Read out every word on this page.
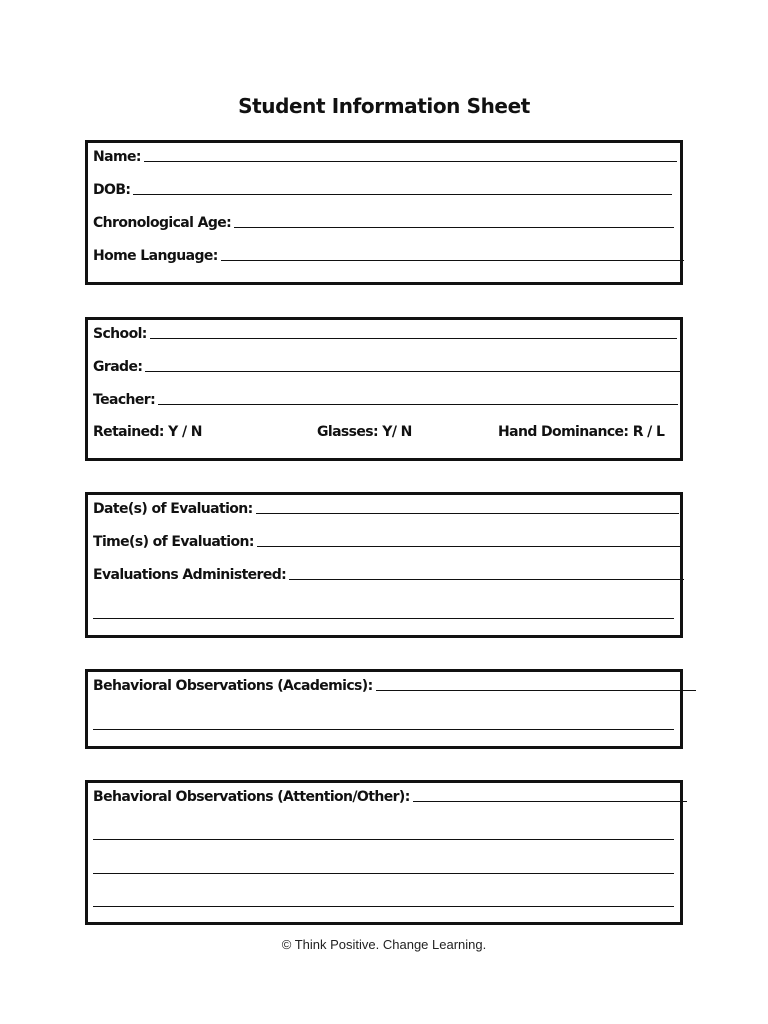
Student Information Sheet
Name:
DOB:
Chronological Age:
Home Language:
School:
Grade:
Teacher:
Retained: Y / N	Glasses: Y/ N	Hand Dominance: R / L
Date(s) of Evaluation:
Time(s) of Evaluation:
Evaluations Administered:
Behavioral Observations (Academics):
Behavioral Observations (Attention/Other):
© Think Positive. Change Learning.
